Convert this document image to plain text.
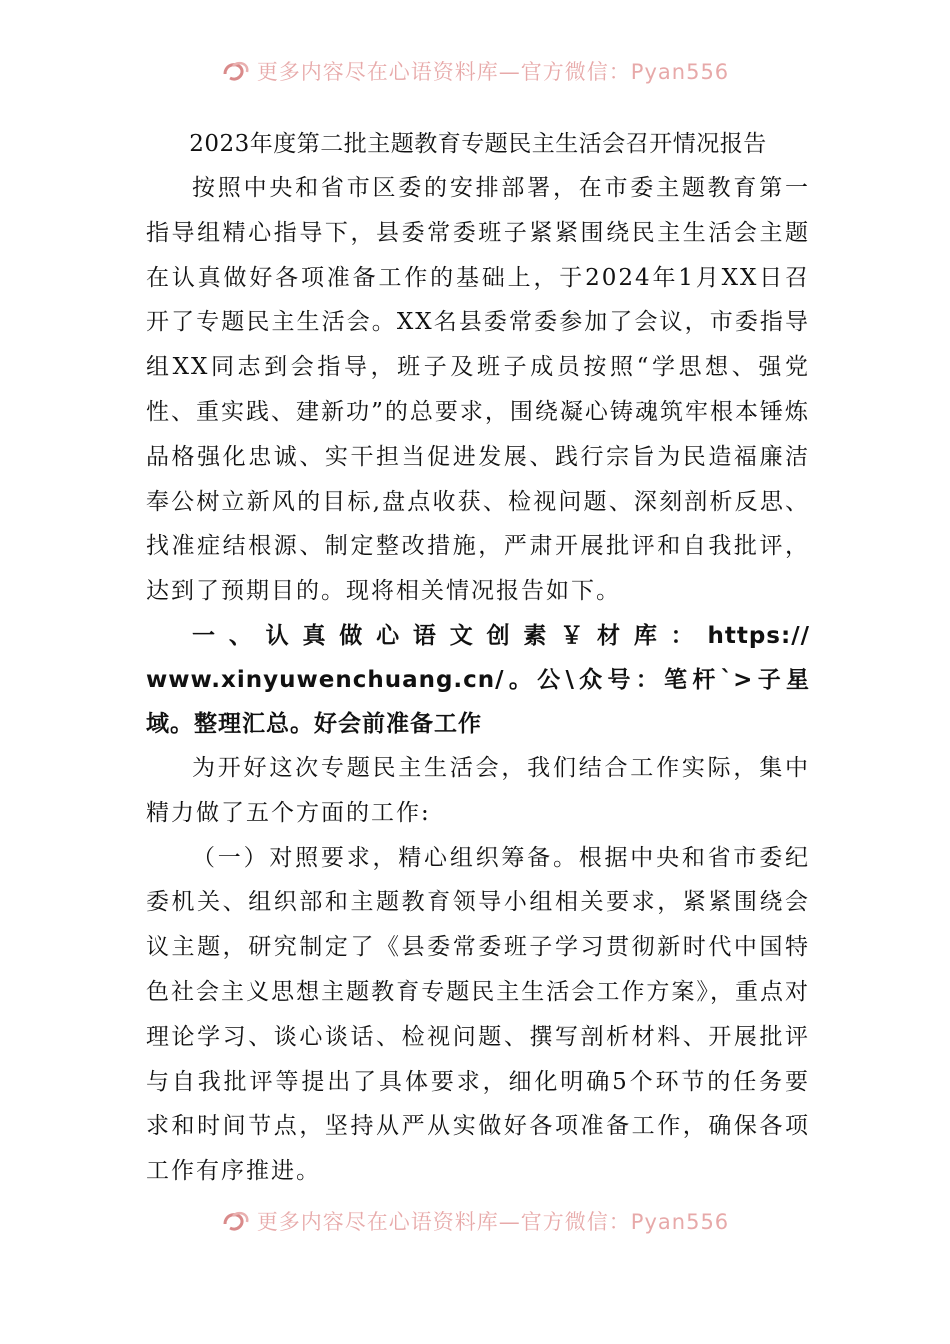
更多内容尽在心语资料库—官方微信：Pyan556

2023年度第二批主题教育专题民主生活会召开情况报告

按照中央和省市区委的安排部署，在市委主题教育第一指导组精心指导下，县委常委班子紧紧围绕民主生活会主题在认真做好各项准备工作的基础上，于2024年1月XX日召开了专题民主生活会。XX名县委常委参加了会议，市委指导组XX同志到会指导，班子及班子成员按照“学思想、强党性、重实践、建新功”的总要求，围绕凝心铸魂筑牢根本锤炼品格强化忠诚、实干担当促进发展、践行宗旨为民造福廉洁奉公树立新风的目标,盘点收获、检视问题、深刻剖析反思、找准症结根源、制定整改措施，严肃开展批评和自我批评，达到了预期目的。现将相关情况报告如下。

一、认真做心语文创素￥材库：https://www.xinyuwenchuang.cn/。公\众号：笔杆`>子星域。整理汇总。好会前准备工作

为开好这次专题民主生活会，我们结合工作实际，集中精力做了五个方面的工作:

（一）对照要求，精心组织筹备。根据中央和省市委纪委机关、组织部和主题教育领导小组相关要求，紧紧围绕会议主题，研究制定了《县委常委班子学习贯彻新时代中国特色社会主义思想主题教育专题民主生活会工作方案》，重点对理论学习、谈心谈话、检视问题、撰写剖析材料、开展批评与自我批评等提出了具体要求，细化明确5个环节的任务要求和时间节点，坚持从严从实做好各项准备工作，确保各项工作有序推进。

更多内容尽在心语资料库—官方微信：Pyan556
